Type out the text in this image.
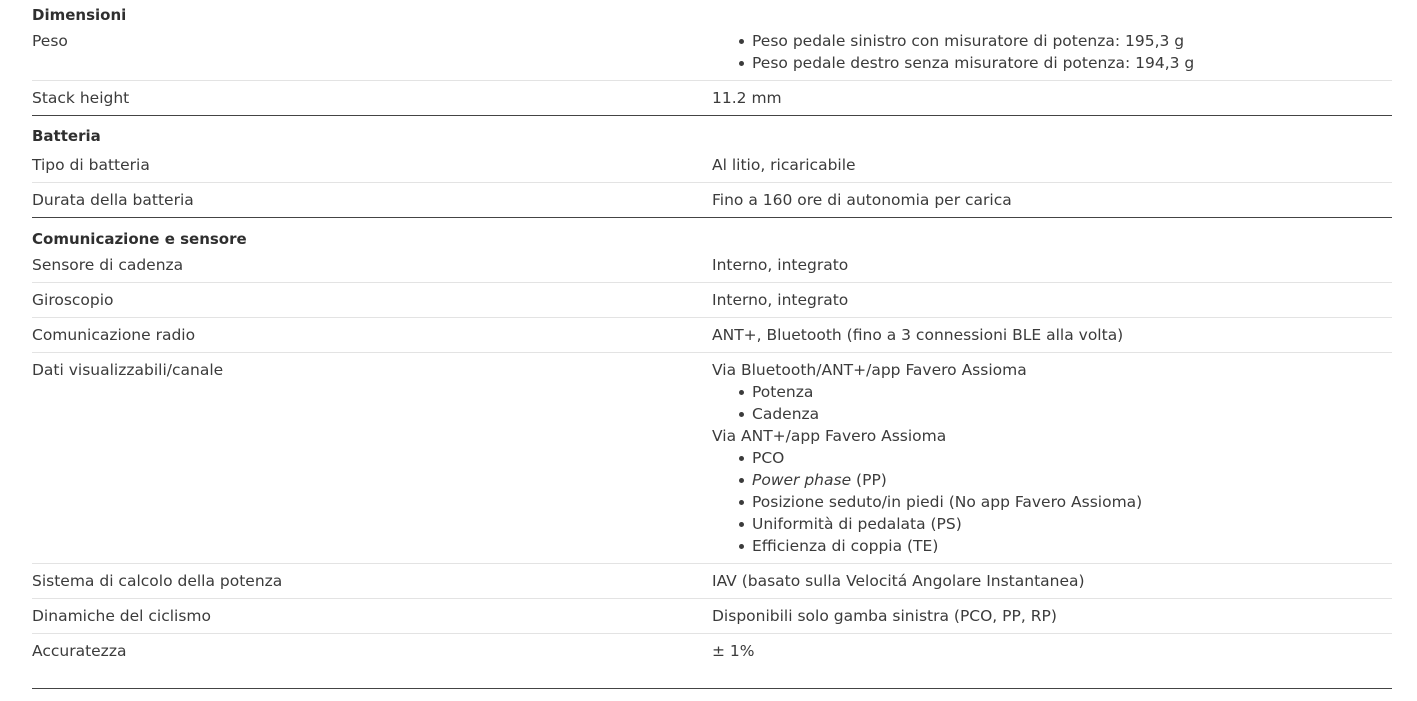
Dimensioni
Peso	Peso pedale sinistro con misuratore di potenza: 195,3 g
Peso pedale destro senza misuratore di potenza: 194,3 g
Stack height	11.2 mm
Batteria
Tipo di batteria	Al litio, ricaricabile
Durata della batteria	Fino a 160 ore di autonomia per carica
Comunicazione e sensore
Sensore di cadenza	Interno, integrato
Giroscopio	Interno, integrato
Comunicazione radio	ANT+, Bluetooth (fino a 3 connessioni BLE alla volta)
Dati visualizzabili/canale	Via Bluetooth/ANT+/app Favero Assioma
Potenza
Cadenza
Via ANT+/app Favero Assioma
PCO
Power phase (PP)
Posizione seduto/in piedi (No app Favero Assioma)
Uniformità di pedalata (PS)
Efficienza di coppia (TE)
Sistema di calcolo della potenza	IAV (basato sulla Velocitá Angolare Instantanea)
Dinamiche del ciclismo	Disponibili solo gamba sinistra (PCO, PP, RP)
Accuratezza	± 1%
